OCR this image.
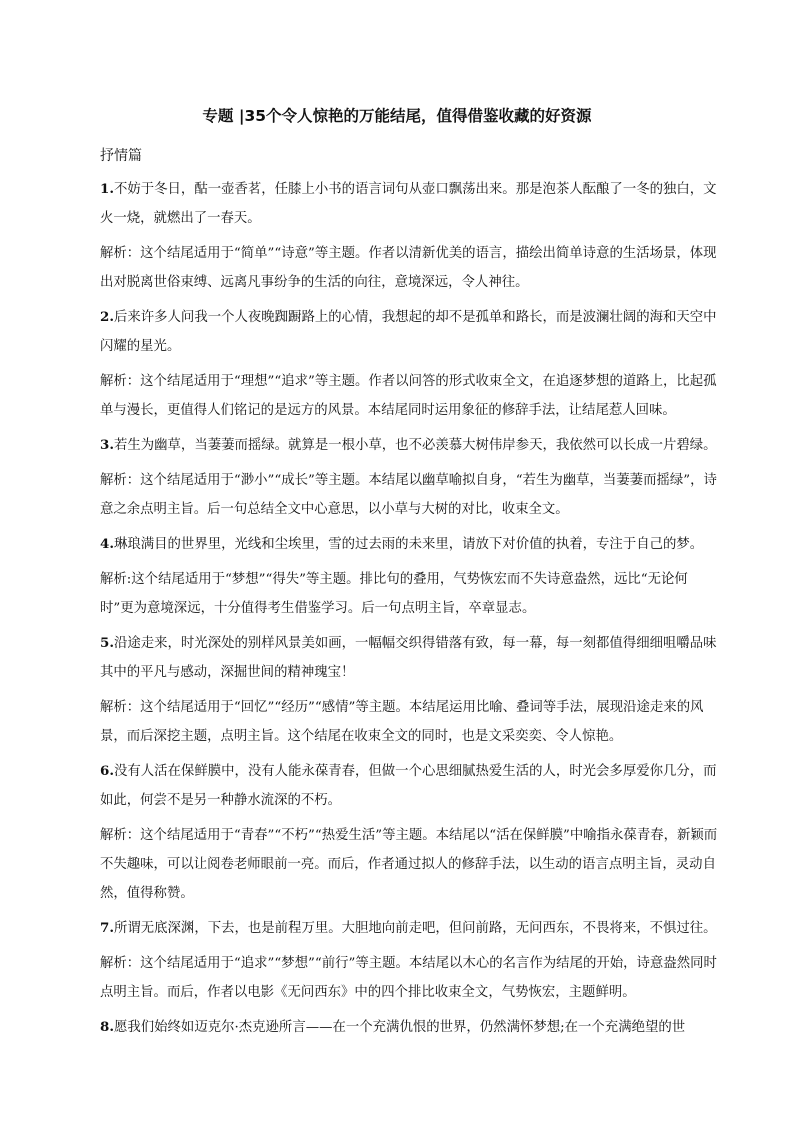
专题 |35个令人惊艳的万能结尾，值得借鉴收藏的好资源

抒情篇

1.不妨于冬日，酤一壶香茗，任膝上小书的语言词句从壶口飘荡出来。那是泡茶人酝酿了一冬的独白，文火一烧，就燃出了一春天。

解析：这个结尾适用于“简单”“诗意”等主题。作者以清新优美的语言，描绘出简单诗意的生活场景，体现出对脱离世俗束缚、远离凡事纷争的生活的向往，意境深远，令人神往。

2.后来许多人问我一个人夜晚踟蹰路上的心情，我想起的却不是孤单和路长，而是波澜壮阔的海和天空中闪耀的星光。

解析：这个结尾适用于“理想”“追求”等主题。作者以问答的形式收束全文，在追逐梦想的道路上，比起孤单与漫长，更值得人们铭记的是远方的风景。本结尾同时运用象征的修辞手法，让结尾惹人回味。

3.若生为幽草，当萋萋而摇绿。就算是一根小草，也不必羡慕大树伟岸参天，我依然可以长成一片碧绿。

解析：这个结尾适用于“渺小”“成长”等主题。本结尾以幽草喻拟自身，“若生为幽草，当萋萋而摇绿”，诗意之余点明主旨。后一句总结全文中心意思，以小草与大树的对比，收束全文。

4.琳琅满目的世界里，光线和尘埃里，雪的过去雨的未来里，请放下对价值的执着，专注于自己的梦。

解析:这个结尾适用于“梦想”“得失”等主题。排比句的叠用，气势恢宏而不失诗意盎然，远比“无论何时”更为意境深远，十分值得考生借鉴学习。后一句点明主旨，卒章显志。

5.沿途走来，时光深处的别样风景美如画，一幅幅交织得错落有致，每一幕，每一刻都值得细细咀嚼品味其中的平凡与感动，深掘世间的精神瑰宝！

解析：这个结尾适用于“回忆”“经历”“感情”等主题。本结尾运用比喻、叠词等手法，展现沿途走来的风景，而后深挖主题，点明主旨。这个结尾在收束全文的同时，也是文采奕奕、令人惊艳。

6.没有人活在保鲜膜中，没有人能永葆青春，但做一个心思细腻热爱生活的人，时光会多厚爱你几分，而如此，何尝不是另一种静水流深的不朽。

解析：这个结尾适用于“青春”“不朽”“热爱生活”等主题。本结尾以“活在保鲜膜”中喻指永葆青春，新颖而不失趣味，可以让阅卷老师眼前一亮。而后，作者通过拟人的修辞手法，以生动的语言点明主旨，灵动自然，值得称赞。

7.所谓无底深渊，下去，也是前程万里。大胆地向前走吧，但问前路，无问西东，不畏将来，不惧过往。

解析：这个结尾适用于“追求”“梦想”“前行”等主题。本结尾以木心的名言作为结尾的开始，诗意盎然同时点明主旨。而后，作者以电影《无问西东》中的四个排比收束全文，气势恢宏，主题鲜明。

8.愿我们始终如迈克尔·杰克逊所言——在一个充满仇恨的世界，仍然满怀梦想;在一个充满绝望的世
